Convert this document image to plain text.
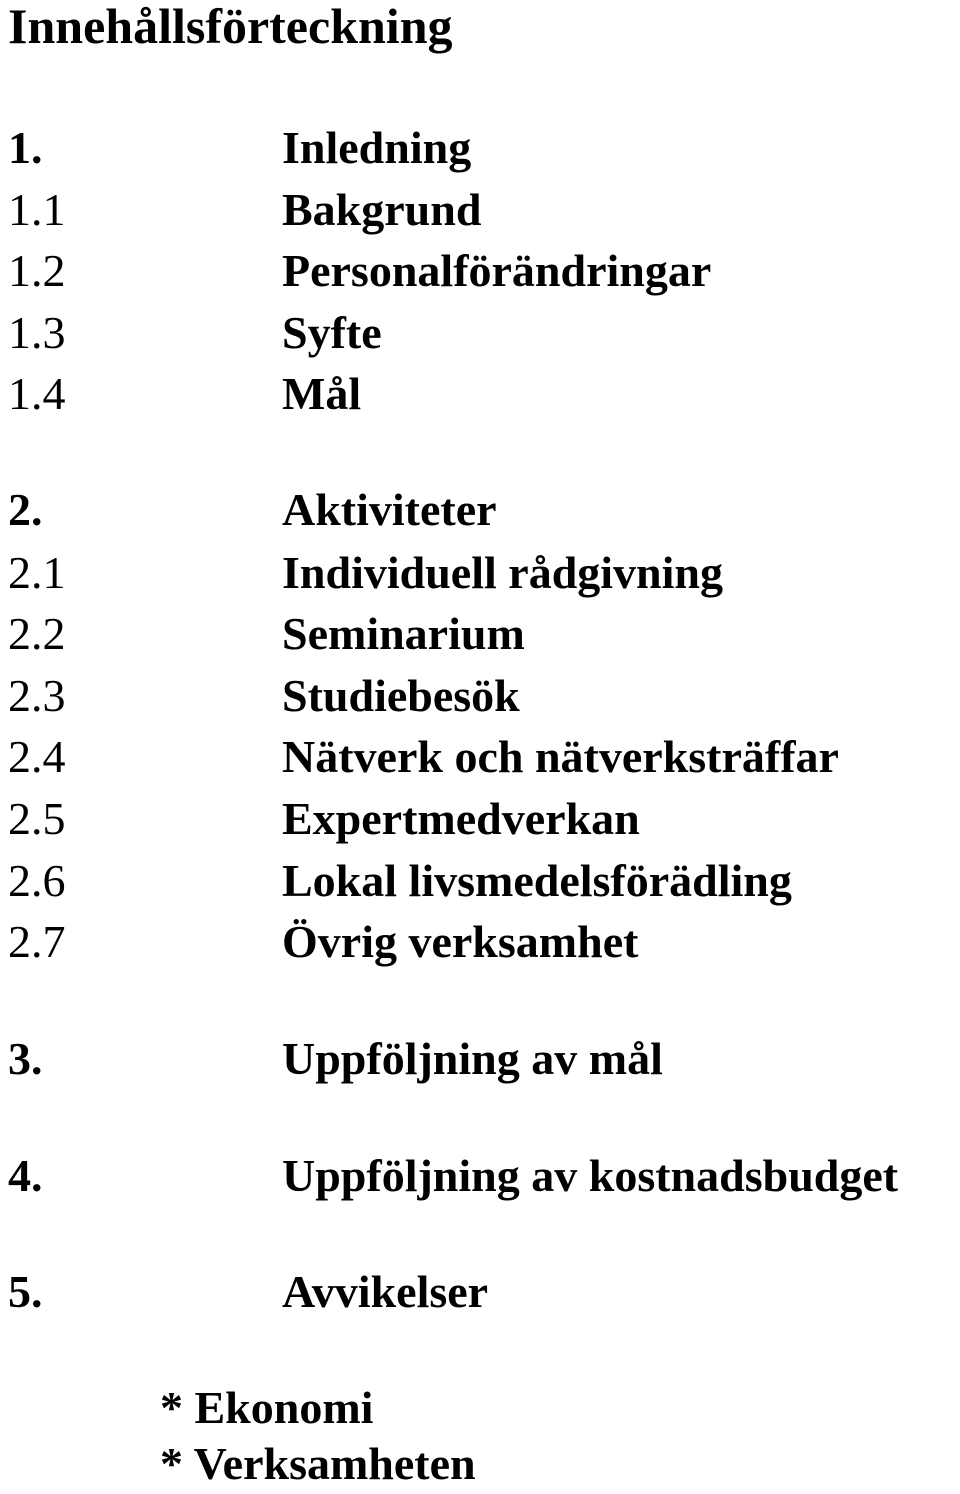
Innehållsförteckning
1.	Inledning
1.1	Bakgrund
1.2	Personalförändringar
1.3	Syfte
1.4	Mål
2.	Aktiviteter
2.1	Individuell rådgivning
2.2	Seminarium
2.3	Studiebesök
2.4	Nätverk och nätverksträffar
2.5	Expertmedverkan
2.6	Lokal livsmedelsförädling
2.7	Övrig verksamhet
3.	Uppföljning av mål
4.	Uppföljning av kostnadsbudget
5.	Avvikelser
* Ekonomi
* Verksamheten
